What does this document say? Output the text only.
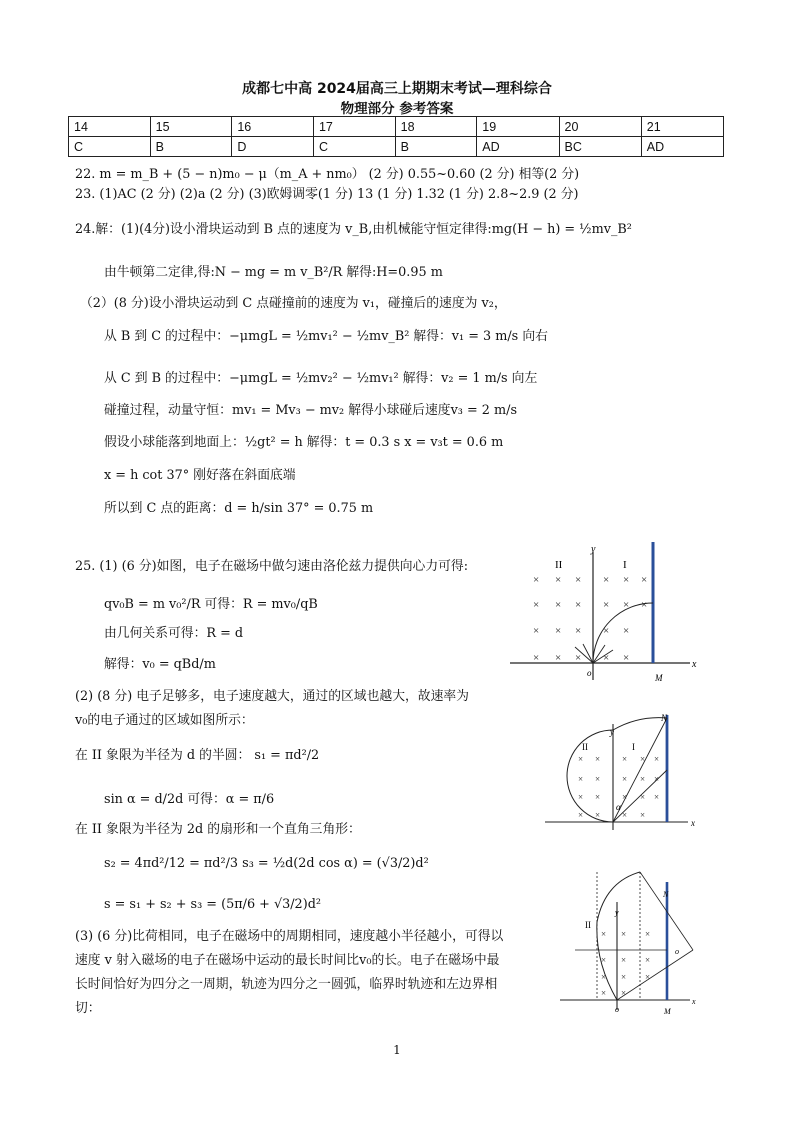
成都七中高 2024届高三上期期末考试—理科综合
物理部分 参考答案
14	15	16	17	18	19	20	21
C	B	D	C	B	AD	BC	AD
22. m = m_B + (5 − n)m₀ − μ（m_A + nm₀） (2 分) 0.55~0.60 (2 分) 相等(2 分)
23. (1)AC (2 分) (2)a (2 分) (3)欧姆调零(1 分) 13 (1 分) 1.32 (1 分) 2.8~2.9 (2 分)
24.解：(1)(4分)设小滑块运动到 B 点的速度为 v_B,由机械能守恒定律得:mg(H − h) = ½mv_B²
由牛顿第二定律,得:N − mg = m v_B²/R 解得:H=0.95 m
（2）(8 分)设小滑块运动到 C 点碰撞前的速度为 v₁，碰撞后的速度为 v₂，
从 B 到 C 的过程中：−μmgL = ½mv₁² − ½mv_B² 解得：v₁ = 3 m/s 向右
从 C 到 B 的过程中：−μmgL = ½mv₂² − ½mv₁² 解得：v₂ = 1 m/s 向左
碰撞过程，动量守恒：mv₁ = Mv₃ − mv₂ 解得小球碰后速度v₃ = 2 m/s
假设小球能落到地面上：½gt² = h 解得：t = 0.3 s x = v₃t = 0.6 m
x = h cot 37° 刚好落在斜面底端
所以到 C 点的距离：d = h/sin 37° = 0.75 m
25. (1) (6 分)如图，电子在磁场中做匀速由洛伦兹力提供向心力可得:
qv₀B = m v₀²/R 可得：R = mv₀/qB
由几何关系可得：R = d
解得：v₀ = qBd/m
(2) (8 分) 电子足够多，电子速度越大，通过的区域也越大，故速率为
v₀的电子通过的区域如图所示：
在 II 象限为半径为 d 的半圆： s₁ = πd²/2
sin α = d/2d 可得：α = π/6
在 II 象限为半径为 2d 的扇形和一个直角三角形：
s₂ = 4πd²/12 = πd²/3 s₃ = ½d(2d cos α) = (√3/2)d²
s = s₁ + s₂ + s₃ = (5π/6 + √3/2)d²
(3) (6 分)比荷相同，电子在磁场中的周期相同，速度越小半径越小，可得以
速度 v 射入磁场的电子在磁场中运动的最长时间比v₀的长。电子在磁场中最
长时间恰好为四分之一周期，轨迹为四分之一圆弧，临界时轨迹和左边界相
切：
× × × × × ×
× × × × × ×
× × × × ×
× × × × ×
II	I
y
x
o	M
× × × × ×
× × × × ×
× × × × ×
× × × ×
II	I
y
x
N
α
× × ×
× × ×
× × ×
× ×
II
y
x
N
o	M
o
1
